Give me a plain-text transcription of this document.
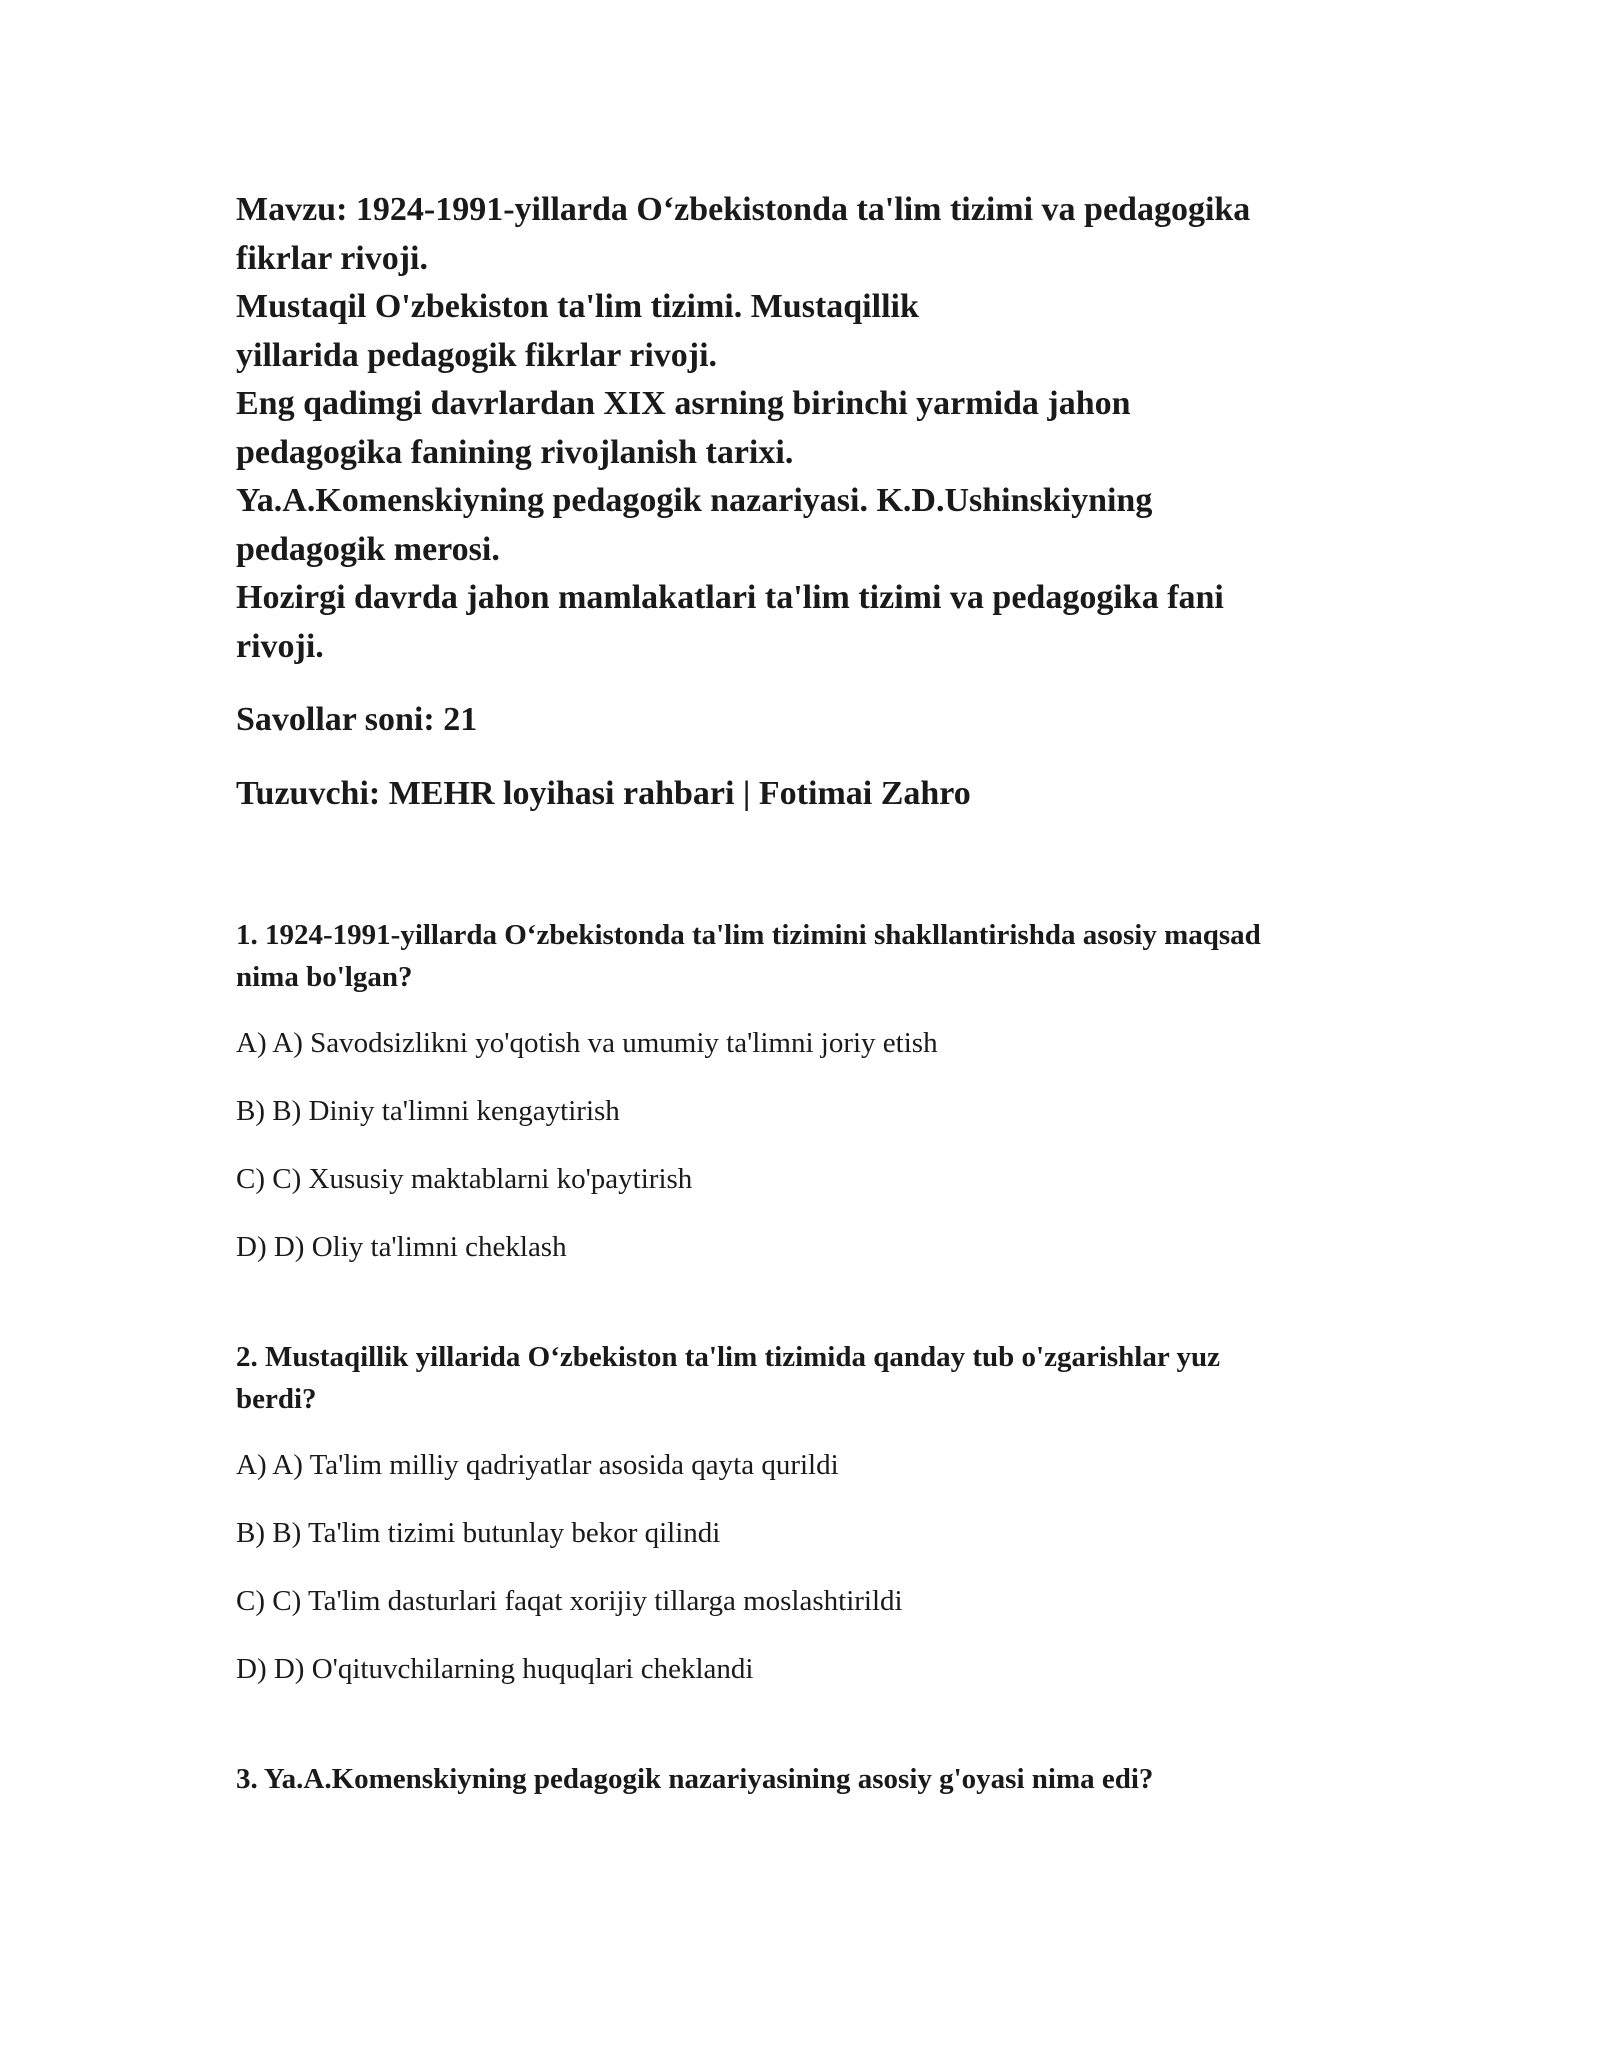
Mavzu: 1924-1991-yillarda O‘zbekistonda ta'lim tizimi va pedagogika
fikrlar rivoji.
Mustaqil O'zbekiston ta'lim tizimi. Mustaqillik
yillarida pedagogik fikrlar rivoji.
Eng qadimgi davrlardan XIX asrning birinchi yarmida jahon
pedagogika fanining rivojlanish tarixi.
Ya.A.Komenskiyning pedagogik nazariyasi. K.D.Ushinskiyning
pedagogik merosi.
Hozirgi davrda jahon mamlakatlari ta'lim tizimi va pedagogika fani
rivoji.

Savollar soni: 21

Tuzuvchi: MEHR loyihasi rahbari | Fotimai Zahro

1. 1924-1991-yillarda O‘zbekistonda ta'lim tizimini shakllantirishda asosiy maqsad
nima bo'lgan?

A) A) Savodsizlikni yo'qotish va umumiy ta'limni joriy etish

B) B) Diniy ta'limni kengaytirish

C) C) Xususiy maktablarni ko'paytirish

D) D) Oliy ta'limni cheklash

2. Mustaqillik yillarida O‘zbekiston ta'lim tizimida qanday tub o'zgarishlar yuz
berdi?

A) A) Ta'lim milliy qadriyatlar asosida qayta qurildi

B) B) Ta'lim tizimi butunlay bekor qilindi

C) C) Ta'lim dasturlari faqat xorijiy tillarga moslashtirildi

D) D) O'qituvchilarning huquqlari cheklandi

3. Ya.A.Komenskiyning pedagogik nazariyasining asosiy g'oyasi nima edi?
